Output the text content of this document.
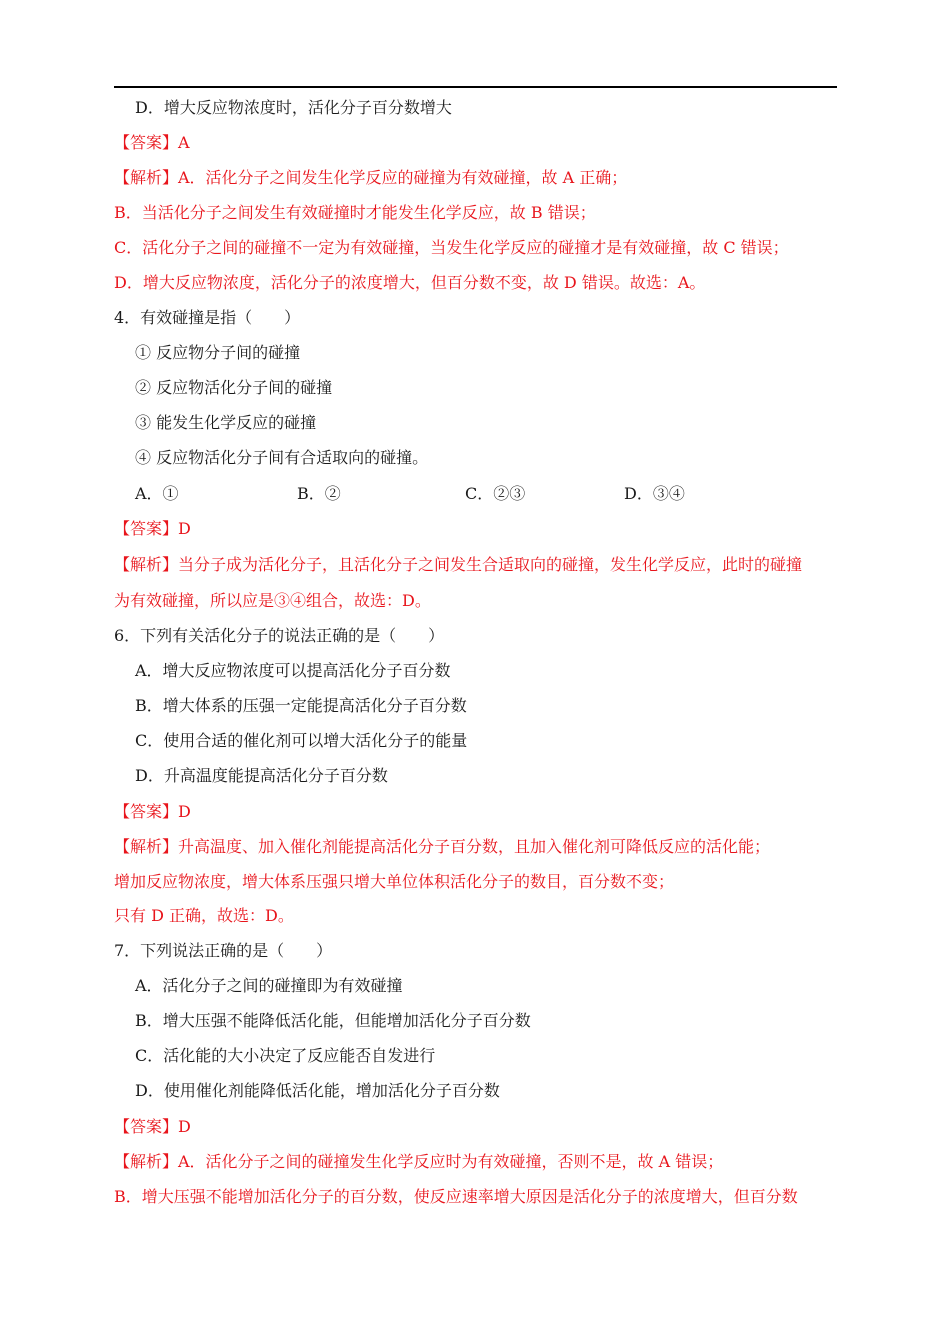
D．增大反应物浓度时，活化分子百分数增大
【答案】A
【解析】A．活化分子之间发生化学反应的碰撞为有效碰撞，故 A 正确；
B．当活化分子之间发生有效碰撞时才能发生化学反应，故 B 错误；
C．活化分子之间的碰撞不一定为有效碰撞，当发生化学反应的碰撞才是有效碰撞，故 C 错误；
D．增大反应物浓度，活化分子的浓度增大，但百分数不变，故 D 错误。故选：A。
4．有效碰撞是指（　　）
① 反应物分子间的碰撞
② 反应物活化分子间的碰撞
③ 能发生化学反应的碰撞
④ 反应物活化分子间有合适取向的碰撞。
A．①	B．②	C．②③	D．③④
【答案】D
【解析】当分子成为活化分子，且活化分子之间发生合适取向的碰撞，发生化学反应，此时的碰撞
为有效碰撞，所以应是③④组合，故选：D。
6．下列有关活化分子的说法正确的是（　　）
A．增大反应物浓度可以提高活化分子百分数
B．增大体系的压强一定能提高活化分子百分数
C．使用合适的催化剂可以增大活化分子的能量
D．升高温度能提高活化分子百分数
【答案】D
【解析】升高温度、加入催化剂能提高活化分子百分数，且加入催化剂可降低反应的活化能；
增加反应物浓度，增大体系压强只增大单位体积活化分子的数目，百分数不变；
只有 D 正确，故选：D。
7．下列说法正确的是（　　）
A．活化分子之间的碰撞即为有效碰撞
B．增大压强不能降低活化能，但能增加活化分子百分数
C．活化能的大小决定了反应能否自发进行
D．使用催化剂能降低活化能，增加活化分子百分数
【答案】D
【解析】A．活化分子之间的碰撞发生化学反应时为有效碰撞，否则不是，故 A 错误；
B．增大压强不能增加活化分子的百分数，使反应速率增大原因是活化分子的浓度增大，但百分数
